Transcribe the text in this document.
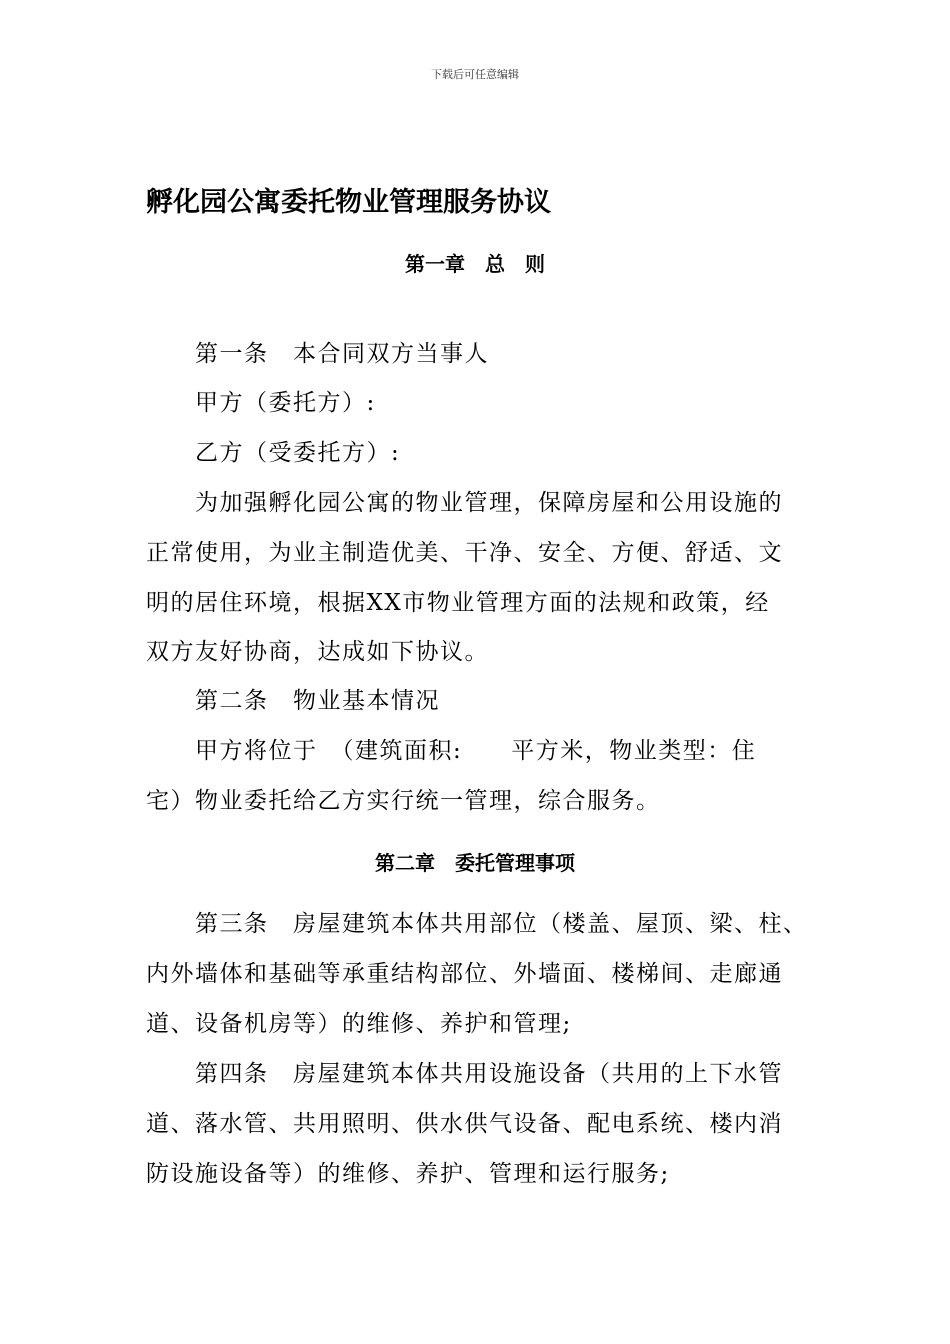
下载后可任意编辑
孵化园公寓委托物业管理服务协议
第一章　总　则
第一条　本合同双方当事人
甲方（委托方）:
乙方（受委托方）:
为加强孵化园公寓的物业管理，保障房屋和公用设施的
正常使用，为业主制造优美、干净、安全、方便、舒适、文
明的居住环境，根据XX市物业管理方面的法规和政策，经
双方友好协商，达成如下协议。
第二条　物业基本情况
甲方将位于　（建筑面积:　　平方米，物业类型：住
宅）物业委托给乙方实行统一管理，综合服务。
第二章　委托管理事项
第三条　房屋建筑本体共用部位（楼盖、屋顶、梁、柱、
内外墙体和基础等承重结构部位、外墙面、楼梯间、走廊通
道、设备机房等）的维修、养护和管理;
第四条　房屋建筑本体共用设施设备（共用的上下水管
道、落水管、共用照明、供水供气设备、配电系统、楼内消
防设施设备等）的维修、养护、管理和运行服务;
